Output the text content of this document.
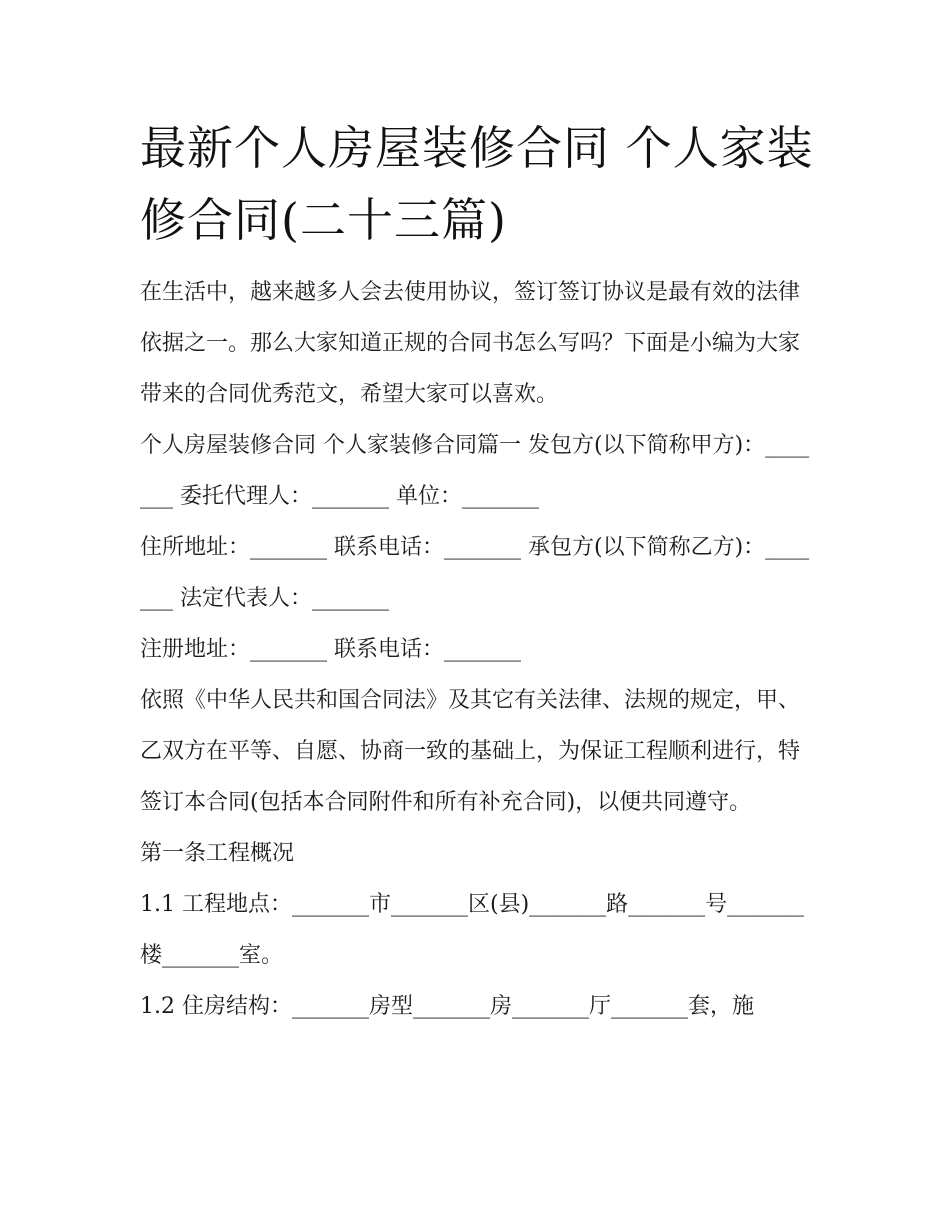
最新个人房屋装修合同 个人家装修合同(二十三篇)

在生活中，越来越多人会去使用协议，签订签订协议是最有效的法律依据之一。那么大家知道正规的合同书怎么写吗？下面是小编为大家带来的合同优秀范文，希望大家可以喜欢。

个人房屋装修合同 个人家装修合同篇一 发包方(以下简称甲方)：_______ 委托代理人：_______ 单位：_______

住所地址：_______ 联系电话：_______ 承包方(以下简称乙方)：_______ 法定代表人：_______

注册地址：_______ 联系电话：_______

依照《中华人民共和国合同法》及其它有关法律、法规的规定，甲、乙双方在平等、自愿、协商一致的基础上，为保证工程顺利进行，特签订本合同(包括本合同附件和所有补充合同)，以便共同遵守。

第一条工程概况

1.1 工程地点：_______市_______区(县)_______路_______号_______楼_______室。

1.2 住房结构：_______房型_______房_______厅_______套，施
